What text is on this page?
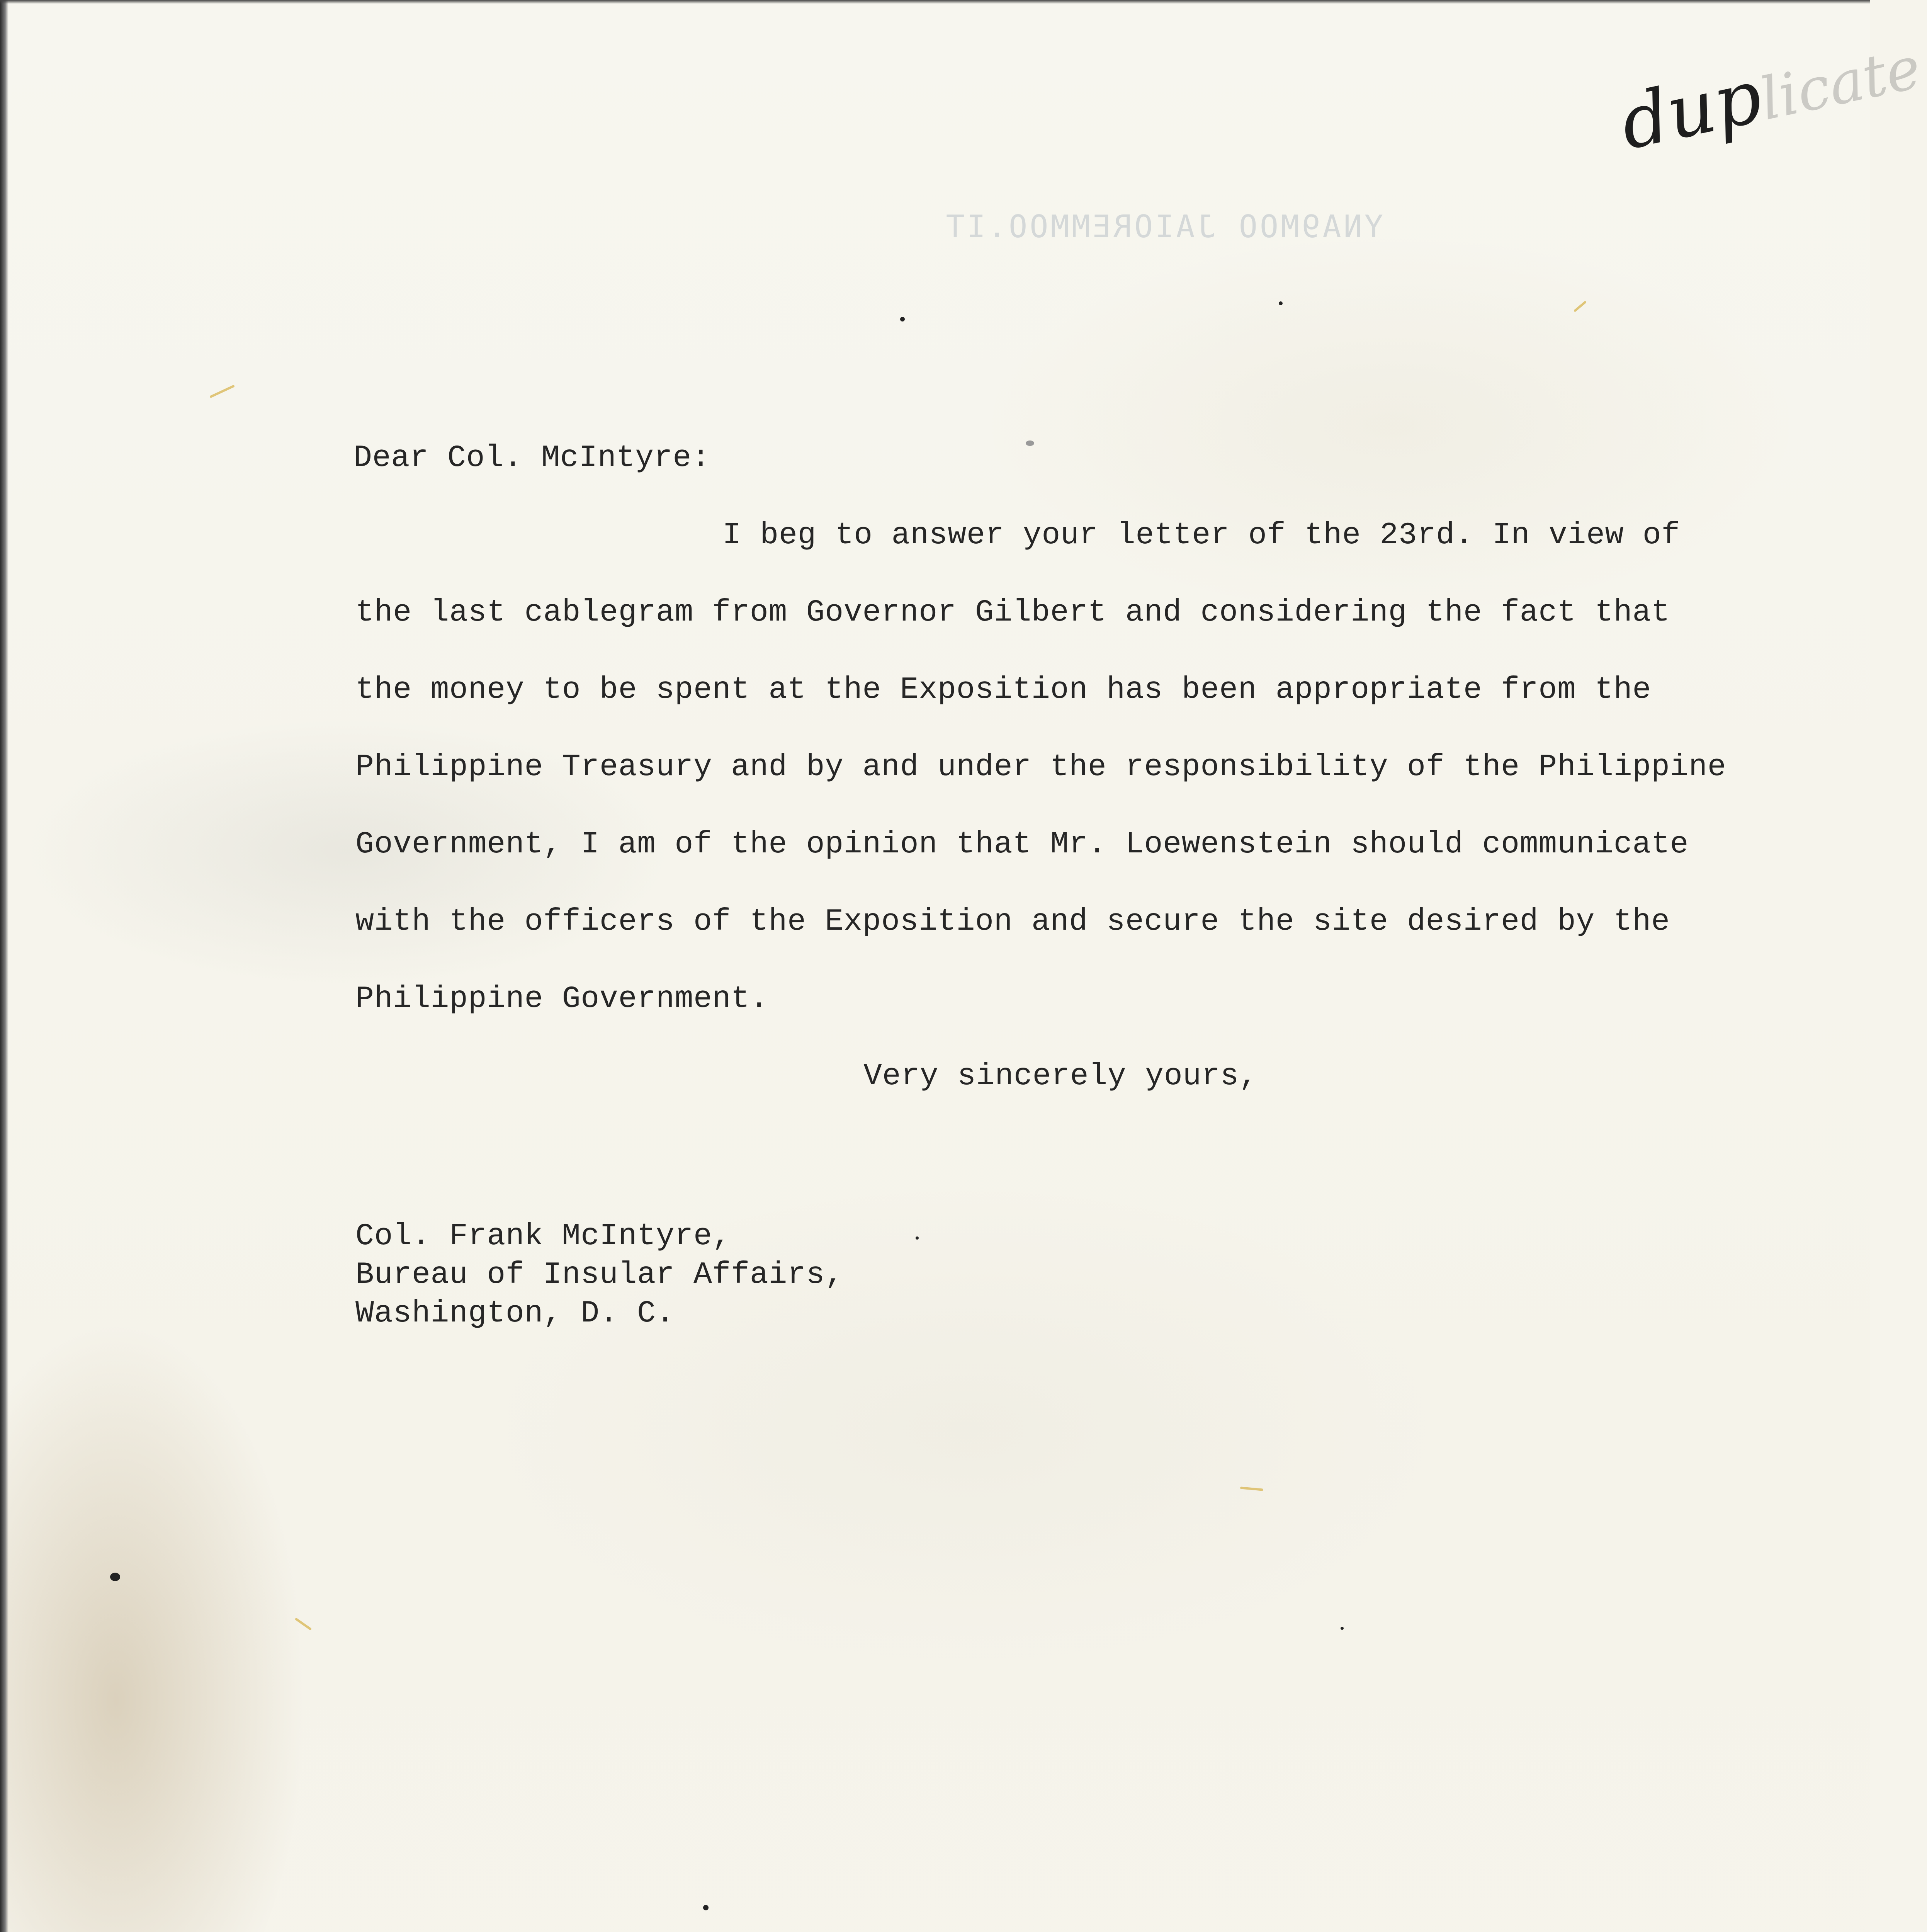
YNA9MOO JAIOREMMOO.IT
duplicate
Dear Col. McIntyre:
I beg to answer your letter of the 23rd. In view of
the last cablegram from Governor Gilbert and considering the fact that
the money to be spent at the Exposition has been appropriate from the
Philippine Treasury and by and under the responsibility of the Philippine
Government, I am of the opinion that Mr. Loewenstein should communicate
with the officers of the Exposition and secure the site desired by the
Philippine Government.
Very sincerely yours,
Col. Frank McIntyre,
Bureau of Insular Affairs,
Washington, D. C.
